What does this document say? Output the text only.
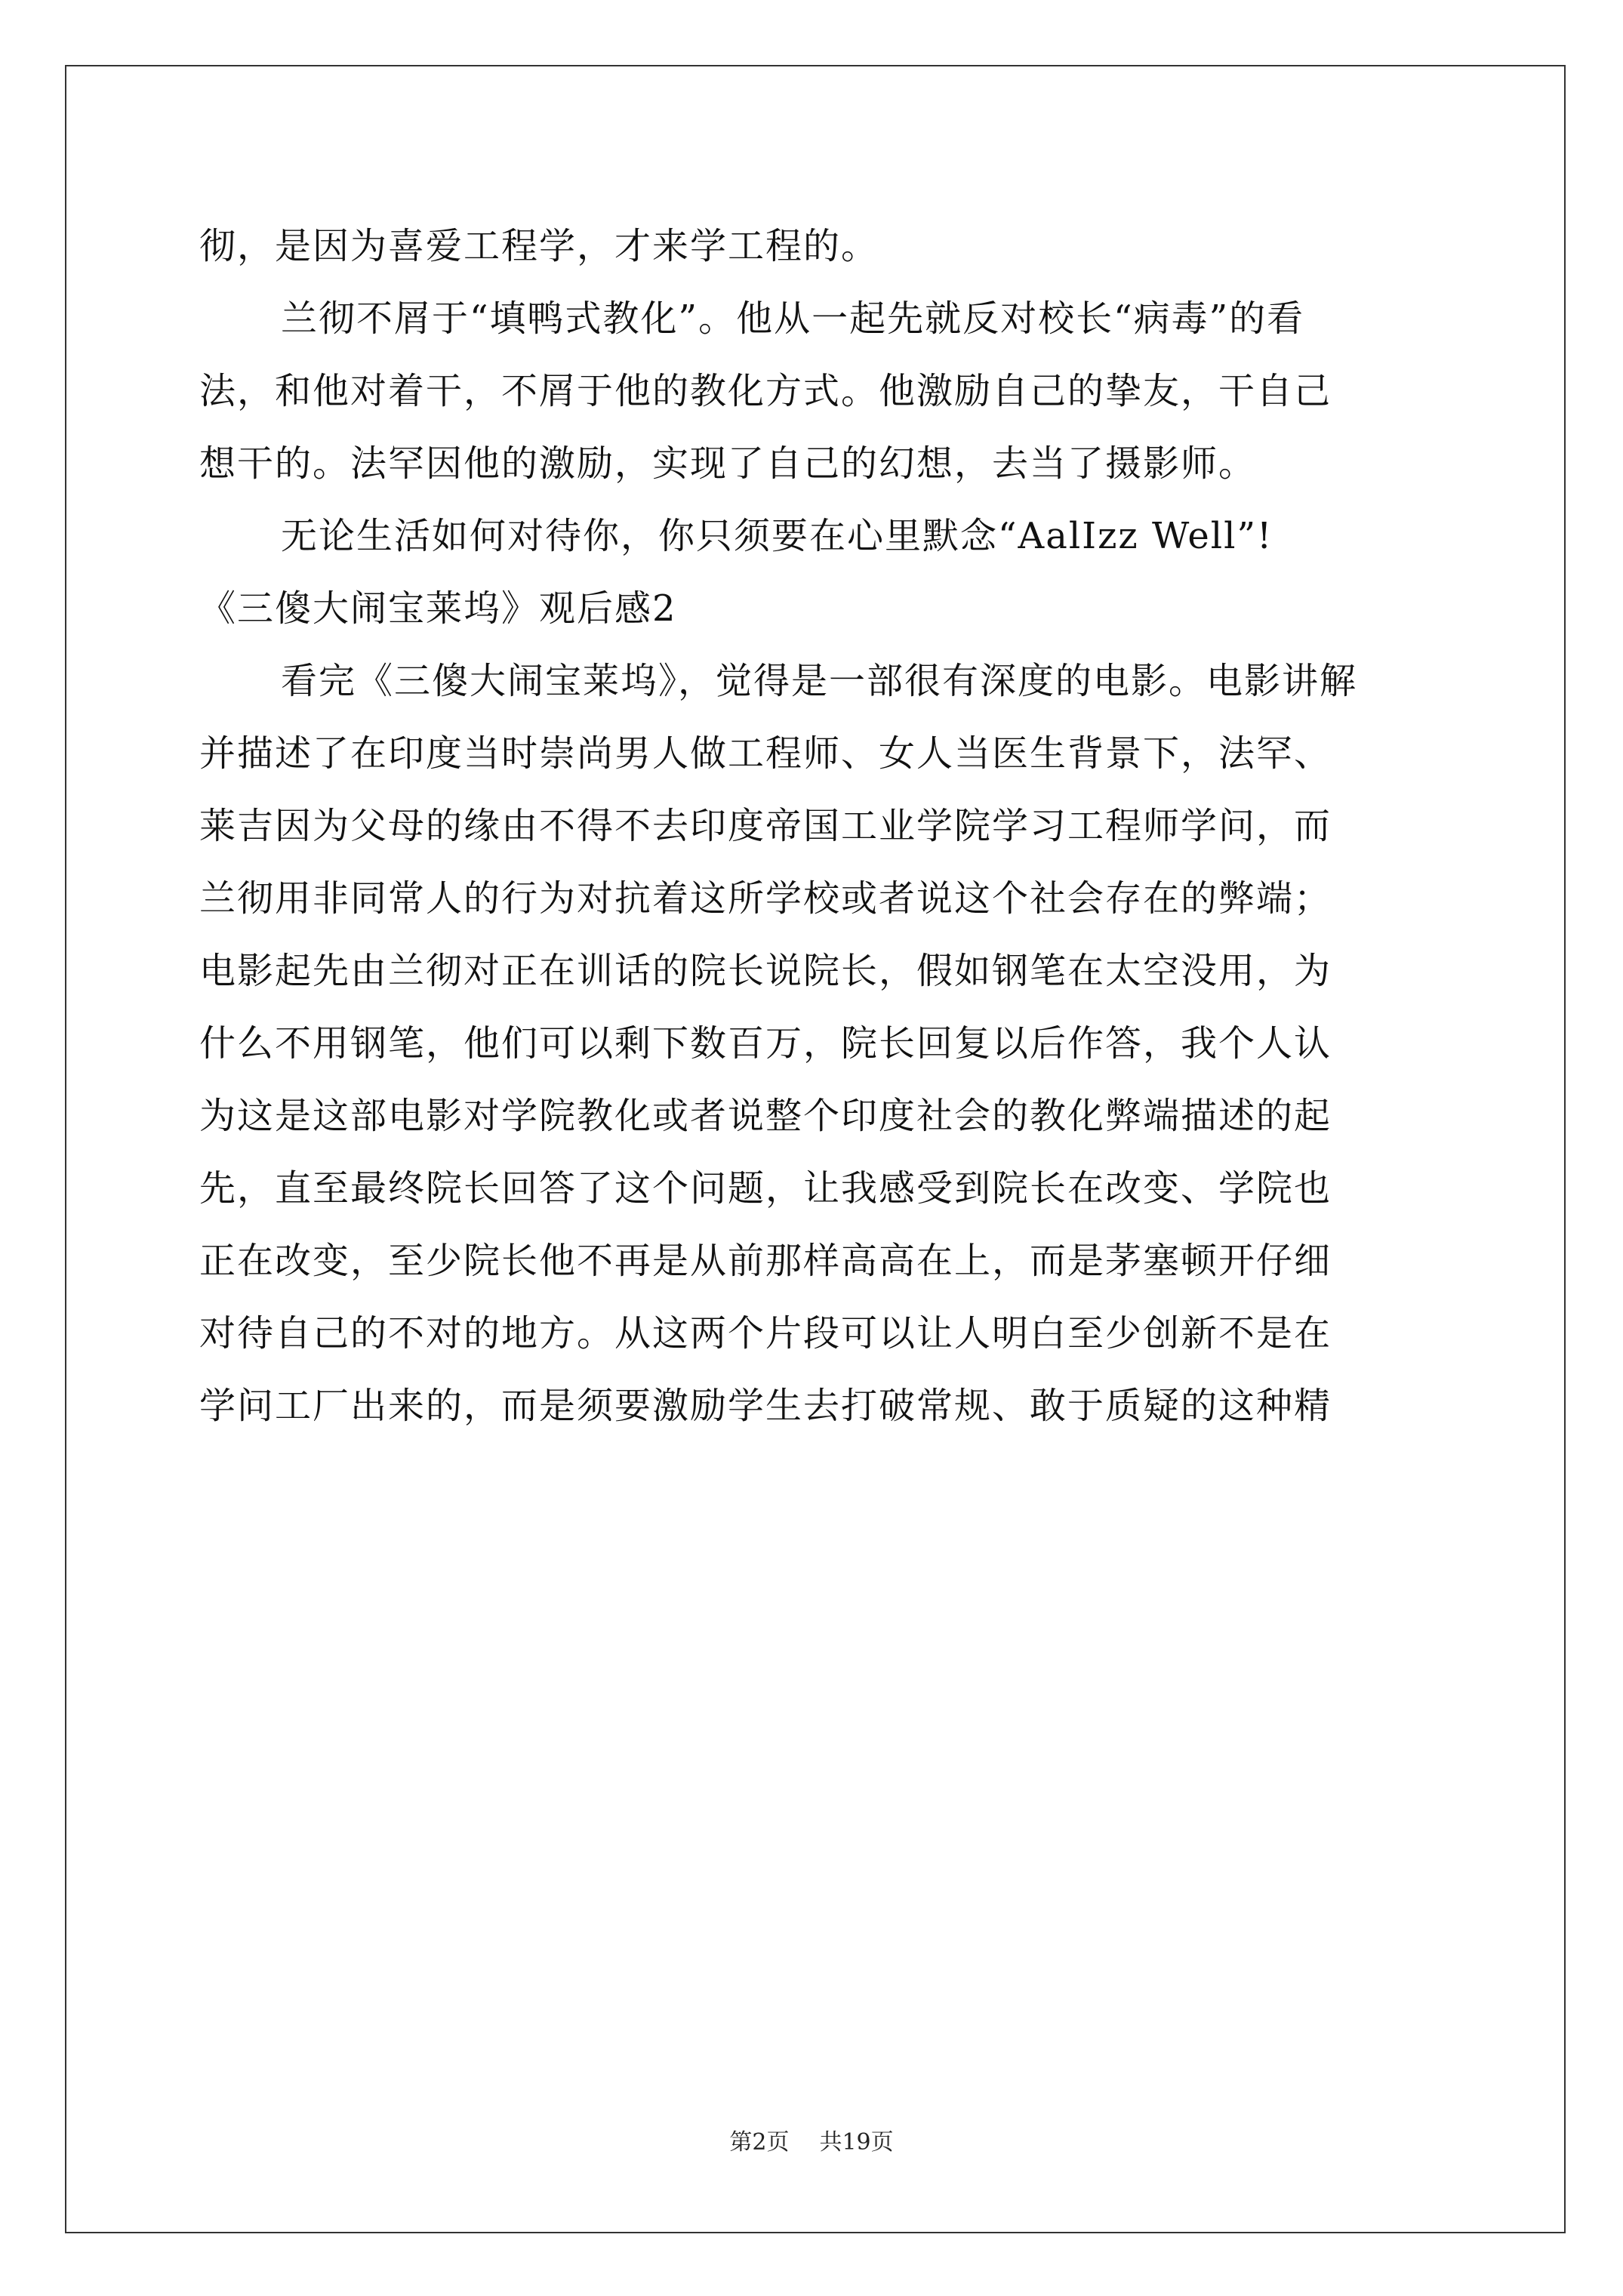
彻，是因为喜爱工程学，才来学工程的。
兰彻不屑于“填鸭式教化”。他从一起先就反对校长“病毒”的看
法，和他对着干，不屑于他的教化方式。他激励自己的挚友，干自己
想干的。法罕因他的激励，实现了自己的幻想，去当了摄影师。
无论生活如何对待你，你只须要在心里默念“AalIzz Well”!
《三傻大闹宝莱坞》观后感2
看完《三傻大闹宝莱坞》，觉得是一部很有深度的电影。电影讲解
并描述了在印度当时崇尚男人做工程师、女人当医生背景下，法罕、
莱吉因为父母的缘由不得不去印度帝国工业学院学习工程师学问，而
兰彻用非同常人的行为对抗着这所学校或者说这个社会存在的弊端；
电影起先由兰彻对正在训话的院长说院长，假如钢笔在太空没用，为
什么不用钢笔，他们可以剩下数百万，院长回复以后作答，我个人认
为这是这部电影对学院教化或者说整个印度社会的教化弊端描述的起
先，直至最终院长回答了这个问题，让我感受到院长在改变、学院也
正在改变，至少院长他不再是从前那样高高在上，而是茅塞顿开仔细
对待自己的不对的地方。从这两个片段可以让人明白至少创新不是在
学问工厂出来的，而是须要激励学生去打破常规、敢于质疑的这种精
第2页 共19页
